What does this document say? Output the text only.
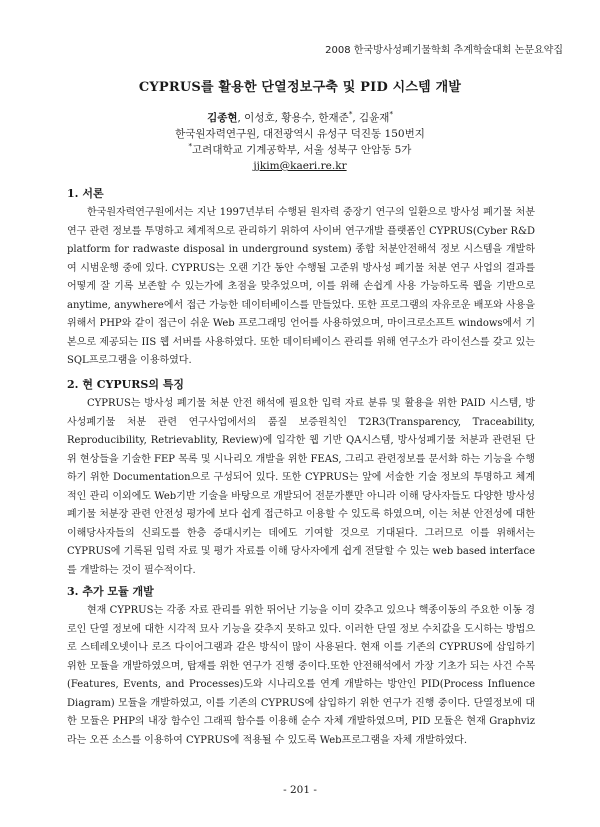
2008 한국방사성폐기물학회 추계학술대회 논문요약집
CYPRUS를 활용한 단열정보구축 및 PID 시스템 개발
김종현, 이성호, 황용수, 한재준*, 김윤재*
한국원자력연구원, 대전광역시 유성구 덕진동 150번지
*고려대학교 기계공학부, 서울 성북구 안암동 5가
jjkim@kaeri.re.kr
1. 서론

한국원자력연구원에서는 지난 1997년부터 수행된 원자력 중장기 연구의 일환으로 방사성 폐기물 처분 연구 관련 정보를 투명하고 체계적으로 관리하기 위하여 사이버 연구개발 플랫폼인 CYPRUS(Cyber R&D platform for radwaste disposal in underground system) 종합 처분안전해석 정보 시스템을 개발하여 시범운행 중에 있다. CYPRUS는 오랜 기간 동안 수행될 고준위 방사성 폐기물 처분 연구 사업의 결과를 어떻게 잘 기록 보존할 수 있는가에 초점을 맞추었으며, 이를 위해 손쉽게 사용 가능하도록 웹을 기반으로 anytime, anywhere에서 접근 가능한 데이터베이스를 만들었다. 또한 프로그램의 자유로운 배포와 사용을 위해서 PHP와 같이 접근이 쉬운 Web 프로그래밍 언어를 사용하였으며, 마이크로소프트 windows에서 기본으로 제공되는 IIS 웹 서버를 사용하였다. 또한 데이터베이스 관리를 위해 연구소가 라이선스를 갖고 있는 SQL프로그램을 이용하였다.

2. 현 CYPURS의 특징

CYPRUS는 방사성 폐기물 처분 안전 해석에 필요한 입력 자료 분류 및 활용을 위한 PAID 시스템, 방사성폐기물 처분 관련 연구사업에서의 품질 보증원칙인 T2R3(Transparency, Traceability, Reproducibility, Retrievablity, Review)에 입각한 웹 기반 QA시스템, 방사성폐기물 처분과 관련된 단위 현상들을 기술한 FEP 목록 및 시나리오 개발을 위한 FEAS, 그리고 관련정보를 문서화 하는 기능을 수행하기 위한 Documentation으로 구성되어 있다. 또한 CYPRUS는 앞에 서술한 기술 정보의 투명하고 체계적인 관리 이외에도 Web기반 기술을 바탕으로 개발되어 전문가뿐만 아니라 이해 당사자들도 다양한 방사성 폐기물 처분장 관련 안전성 평가에 보다 쉽게 접근하고 이용할 수 있도록 하였으며, 이는 처분 안전성에 대한 이해당사자들의 신뢰도를 한층 증대시키는 데에도 기여할 것으로 기대된다. 그러므로 이를 위해서는 CYPRUS에 기록된 입력 자료 및 평가 자료를 이해 당사자에게 쉽게 전달할 수 있는 web based interface를 개발하는 것이 필수적이다.

3. 추가 모듈 개발

현재 CYPRUS는 각종 자료 관리를 위한 뛰어난 기능을 이미 갖추고 있으나 핵종이동의 주요한 이동 경로인 단열 정보에 대한 시각적 묘사 기능을 갖추지 못하고 있다. 이러한 단열 정보 수치값을 도시하는 방법으로 스테레오넷이나 로즈 다이어그램과 같은 방식이 많이 사용된다. 현재 이를 기존의 CYPRUS에 삽입하기 위한 모듈을 개발하였으며, 탑재를 위한 연구가 진행 중이다.또한 안전해석에서 가장 기초가 되는 사건 수목(Features, Events, and Processes)도와 시나리오를 연계 개발하는 방안인 PID(Process Influence Diagram) 모듈을 개발하였고, 이를 기존의 CYPRUS에 삽입하기 위한 연구가 진행 중이다. 단열정보에 대한 모듈은 PHP의 내장 함수인 그래픽 함수를 이용해 순수 자체 개발하였으며, PID 모듈은 현재 Graphviz라는 오픈 소스를 이용하여 CYPRUS에 적용될 수 있도록 Web프로그램을 자체 개발하였다.

- 201 -
